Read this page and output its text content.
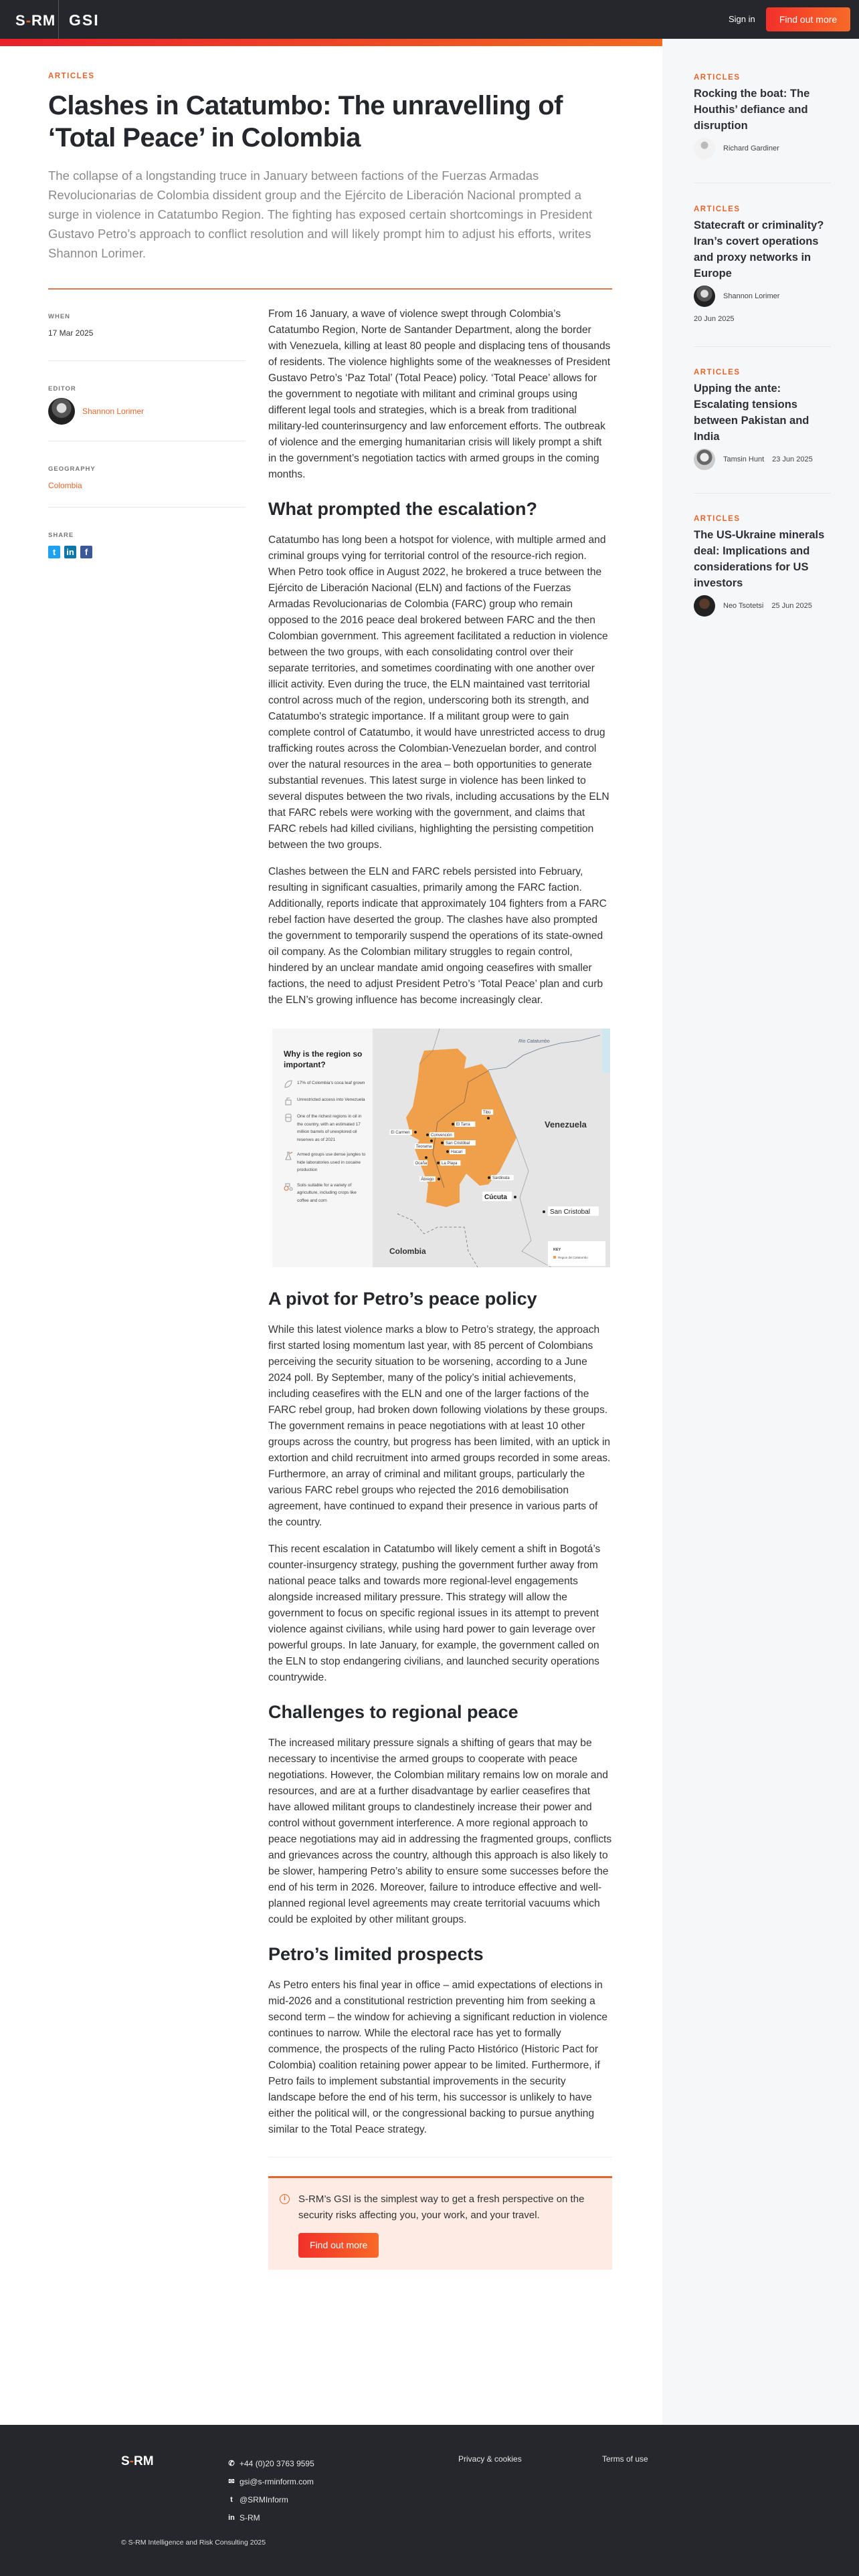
S-RM GSI	Sign in	Find out more
ARTICLES
Clashes in Catatumbo: The unravelling of ‘Total Peace’ in Colombia

The collapse of a longstanding truce in January between factions of the Fuerzas Armadas Revolucionarias de Colombia dissident group and the Ejército de Liberación Nacional prompted a surge in violence in Catatumbo Region. The fighting has exposed certain shortcomings in President Gustavo Petro’s approach to conflict resolution and will likely prompt him to adjust his efforts, writes Shannon Lorimer.

WHEN
17 Mar 2025
EDITOR
Shannon Lorimer
GEOGRAPHY
Colombia
SHARE
t	in	f

From 16 January, a wave of violence swept through Colombia’s Catatumbo Region, Norte de Santander Department, along the border with Venezuela, killing at least 80 people and displacing tens of thousands of residents. The violence highlights some of the weaknesses of President Gustavo Petro’s ‘Paz Total’ (Total Peace) policy. ‘Total Peace’ allows for the government to negotiate with militant and criminal groups using different legal tools and strategies, which is a break from traditional military-led counterinsurgency and law enforcement efforts. The outbreak of violence and the emerging humanitarian crisis will likely prompt a shift in the government’s negotiation tactics with armed groups in the coming months.

What prompted the escalation?

Catatumbo has long been a hotspot for violence, with multiple armed and criminal groups vying for territorial control of the resource-rich region. When Petro took office in August 2022, he brokered a truce between the Ejército de Liberación Nacional (ELN) and factions of the Fuerzas Armadas Revolucionarias de Colombia (FARC) group who remain opposed to the 2016 peace deal brokered between FARC and the then Colombian government. This agreement facilitated a reduction in violence between the two groups, with each consolidating control over their separate territories, and sometimes coordinating with one another over illicit activity. Even during the truce, the ELN maintained vast territorial control across much of the region, underscoring both its strength, and Catatumbo's strategic importance. If a militant group were to gain complete control of Catatumbo, it would have unrestricted access to drug trafficking routes across the Colombian-Venezuelan border, and control over the natural resources in the area – both opportunities to generate substantial revenues. This latest surge in violence has been linked to several disputes between the two rivals, including accusations by the ELN that FARC rebels were working with the government, and claims that FARC rebels had killed civilians, highlighting the persisting competition between the two groups.

Clashes between the ELN and FARC rebels persisted into February, resulting in significant casualties, primarily among the FARC faction. Additionally, reports indicate that approximately 104 fighters from a FARC rebel faction have deserted the group. The clashes have also prompted the government to temporarily suspend the operations of its state-owned oil company. As the Colombian military struggles to regain control, hindered by an unclear mandate amid ongoing ceasefires with smaller factions, the need to adjust President Petro’s ‘Total Peace’ plan and curb the ELN’s growing influence has become increasingly clear.

Why is the region so important?
17% of Colombia’s coca leaf grown
Unrestricted access into Venezuela
One of the richest regions in oil in the country, with an estimated 17 million barrels of unexplored oil reserves as of 2021
Armed groups use dense jungles to hide laboratories used in cocaine production
Soils suitable for a variety of agriculture, including crops like coffee and corn
Rio Catatumbo
Venezuela
Colombia
El Carmen
Convención
Teorama
San Cristóbal
Hacarí
El Tarra
Tibú
Ocaña	La Playa
Ábrego	Sardinata
Cúcuta
San Cristobal
KEY
Region del Catatumbo
A pivot for Petro’s peace policy

While this latest violence marks a blow to Petro’s strategy, the approach first started losing momentum last year, with 85 percent of Colombians perceiving the security situation to be worsening, according to a June 2024 poll. By September, many of the policy’s initial achievements, including ceasefires with the ELN and one of the larger factions of the FARC rebel group, had broken down following violations by these groups. The government remains in peace negotiations with at least 10 other groups across the country, but progress has been limited, with an uptick in extortion and child recruitment into armed groups recorded in some areas. Furthermore, an array of criminal and militant groups, particularly the various FARC rebel groups who rejected the 2016 demobilisation agreement, have continued to expand their presence in various parts of the country.

This recent escalation in Catatumbo will likely cement a shift in Bogotá’s counter-insurgency strategy, pushing the government further away from national peace talks and towards more regional-level engagements alongside increased military pressure. This strategy will allow the government to focus on specific regional issues in its attempt to prevent violence against civilians, while using hard power to gain leverage over powerful groups. In late January, for example, the government called on the ELN to stop endangering civilians, and launched security operations countrywide.

Challenges to regional peace

The increased military pressure signals a shifting of gears that may be necessary to incentivise the armed groups to cooperate with peace negotiations. However, the Colombian military remains low on morale and resources, and are at a further disadvantage by earlier ceasefires that have allowed militant groups to clandestinely increase their power and control without government interference. A more regional approach to peace negotiations may aid in addressing the fragmented groups, conflicts and grievances across the country, although this approach is also likely to be slower, hampering Petro’s ability to ensure some successes before the end of his term in 2026. Moreover, failure to introduce effective and well-planned regional level agreements may create territorial vacuums which could be exploited by other militant groups.

Petro’s limited prospects

As Petro enters his final year in office – amid expectations of elections in mid-2026 and a constitutional restriction preventing him from seeking a second term – the window for achieving a significant reduction in violence continues to narrow. While the electoral race has yet to formally commence, the prospects of the ruling Pacto Histórico (Historic Pact for Colombia) coalition retaining power appear to be limited. Furthermore, if Petro fails to implement substantial improvements in the security landscape before the end of his term, his successor is unlikely to have either the political will, or the congressional backing to pursue anything similar to the Total Peace strategy.

i	S-RM’s GSI is the simplest way to get a fresh perspective on the security risks affecting you, your work, and your travel.
Find out more
ARTICLES
Rocking the boat: The Houthis’ defiance and disruption
Richard Gardiner
ARTICLES
Statecraft or criminality? Iran’s covert operations and proxy networks in Europe
Shannon Lorimer
20 Jun 2025
ARTICLES
Upping the ante: Escalating tensions between Pakistan and India
Tamsin Hunt 23 Jun 2025
ARTICLES
The US-Ukraine minerals deal: Implications and considerations for US investors
Neo Tsotetsi 25 Jun 2025
S-RM	✆ +44 (0)20 3763 9595
✉ gsi@s-rminform.com
t @SRMInform
in S-RM
Privacy & cookies	Terms of use
© S-RM Intelligence and Risk Consulting 2025
